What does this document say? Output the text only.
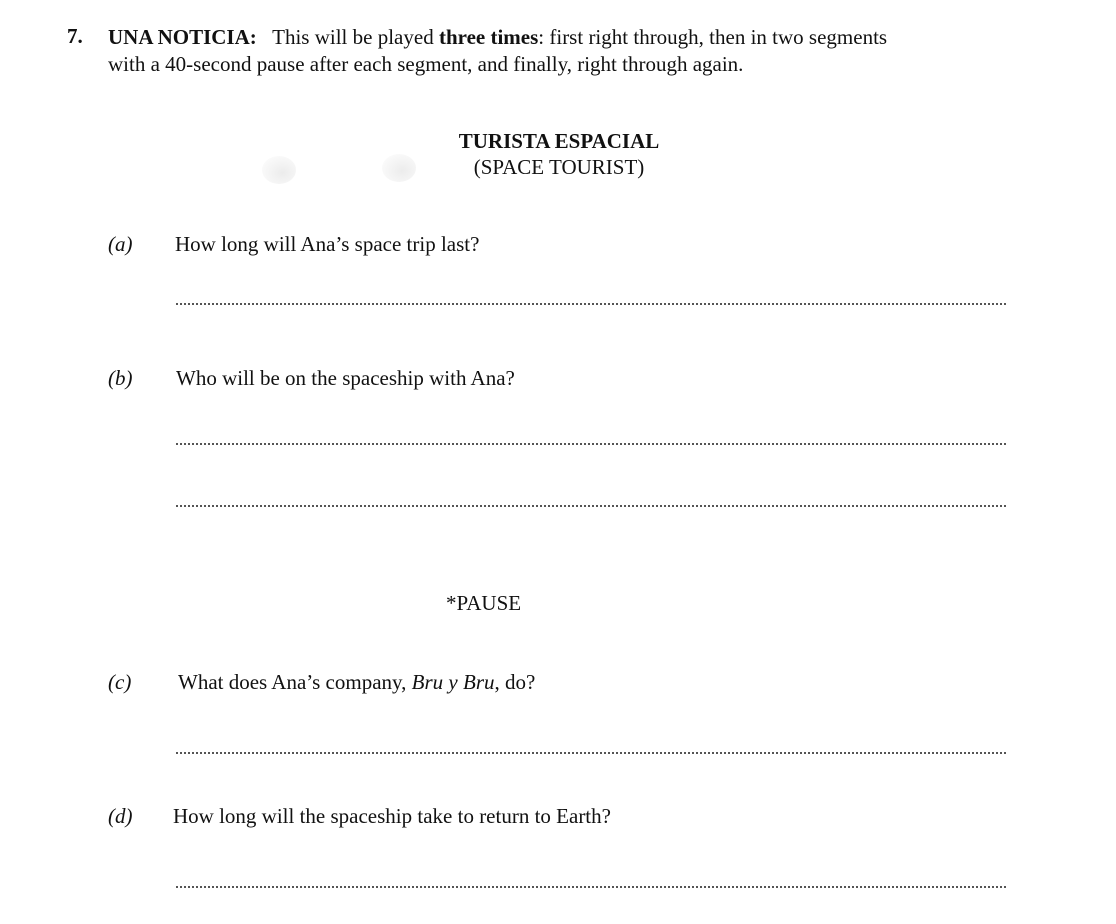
7. UNA NOTICIA: This will be played three times: first right through, then in two segments
with a 40-second pause after each segment, and finally, right through again.
TURISTA ESPACIAL
(SPACE TOURIST)
(a) How long will Ana’s space trip last?
(b) Who will be on the spaceship with Ana?
*PAUSE
(c) What does Ana’s company, Bru y Bru, do?
(d) How long will the spaceship take to return to Earth?
